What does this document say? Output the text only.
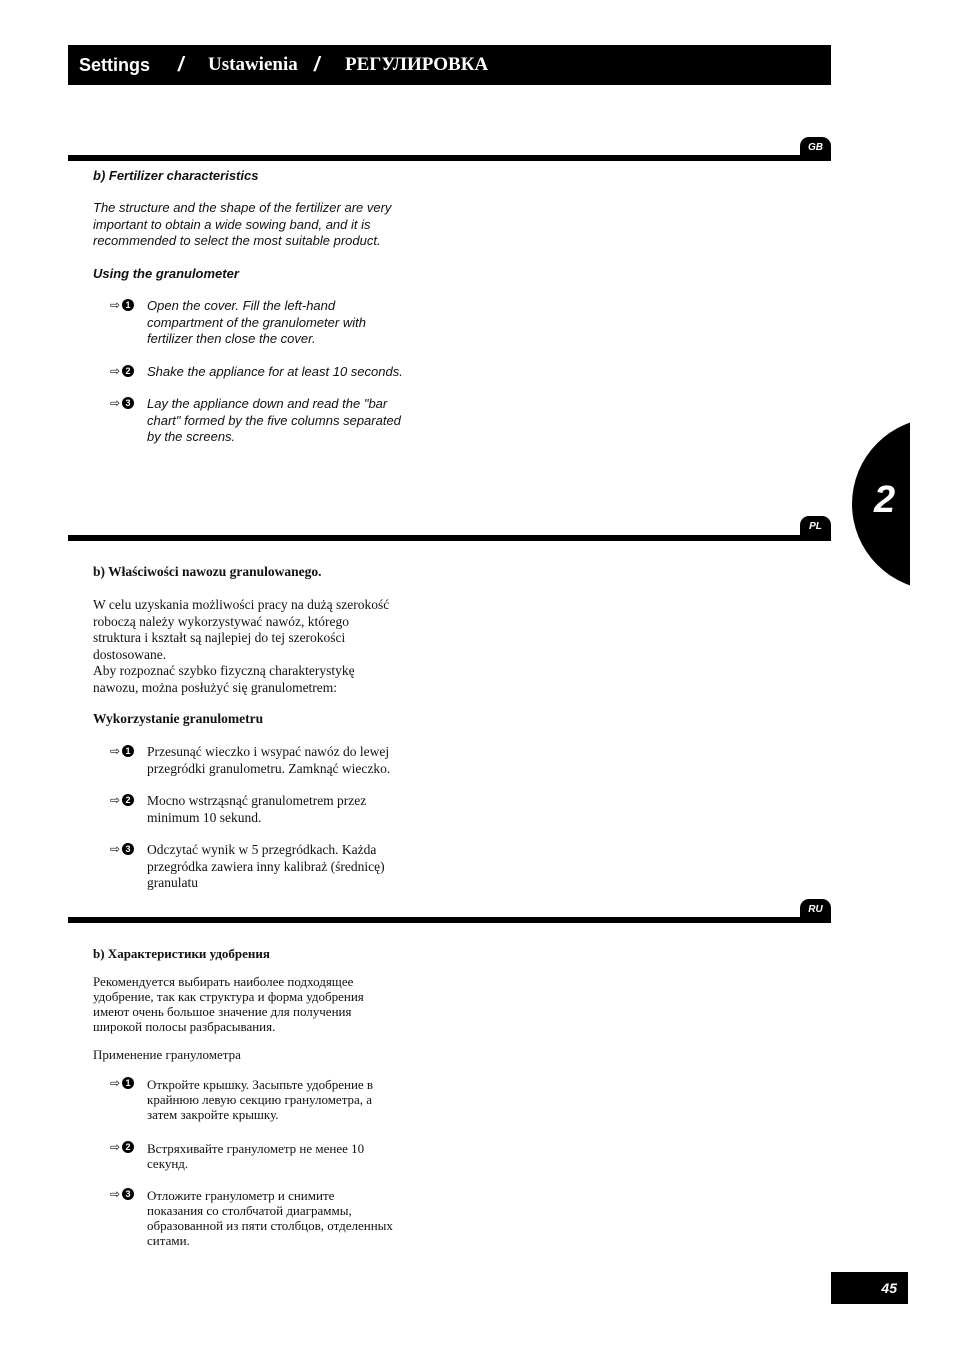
Settings / Ustawienia / РЕГУЛИРОВКА
2
GB
b) Fertilizer characteristics
The structure and the shape of the fertilizer are very
important to obtain a wide sowing band, and it is
recommended to select the most suitable product.
Using the granulometer
⇨ 1 Open the cover. Fill the left-hand
compartment of the granulometer with
fertilizer then close the cover.
⇨ 2 Shake the appliance for at least 10 seconds.
⇨ 3 Lay the appliance down and read the "bar
chart" formed by the five columns separated
by the screens.
PL
b) Właściwości nawozu granulowanego.
W celu uzyskania możliwości pracy na dużą szerokość
roboczą należy wykorzystywać nawóz, którego
struktura i kształt są najlepiej do tej szerokości
dostosowane.
Aby rozpoznać szybko fizyczną charakterystykę
nawozu, można posłużyć się granulometrem:
Wykorzystanie granulometru
⇨ 1 Przesunąć wieczko i wsypać nawóz do lewej
przegródki granulometru. Zamknąć wieczko.
⇨ 2 Mocno wstrząsnąć granulometrem przez
minimum 10 sekund.
⇨ 3 Odczytać wynik w 5 przegródkach. Każda
przegródka zawiera inny kalibraż (średnicę)
granulatu
RU
b) Характеристики удобрения
Рекомендуется выбирать наиболее подходящее
удобрение, так как структура и форма удобрения
имеют очень большое значение для получения
широкой полосы разбрасывания.
Применение гранулометра
⇨ 1 Откройте крышку. Засыпьте удобрение в
крайнюю левую секцию гранулометра, а
затем закройте крышку.
⇨ 2 Встряхивайте гранулометр не менее 10
секунд.
⇨ 3 Отложите гранулометр и снимите
показания со столбчатой диаграммы,
образованной из пяти столбцов, отделенных
ситами.
45
